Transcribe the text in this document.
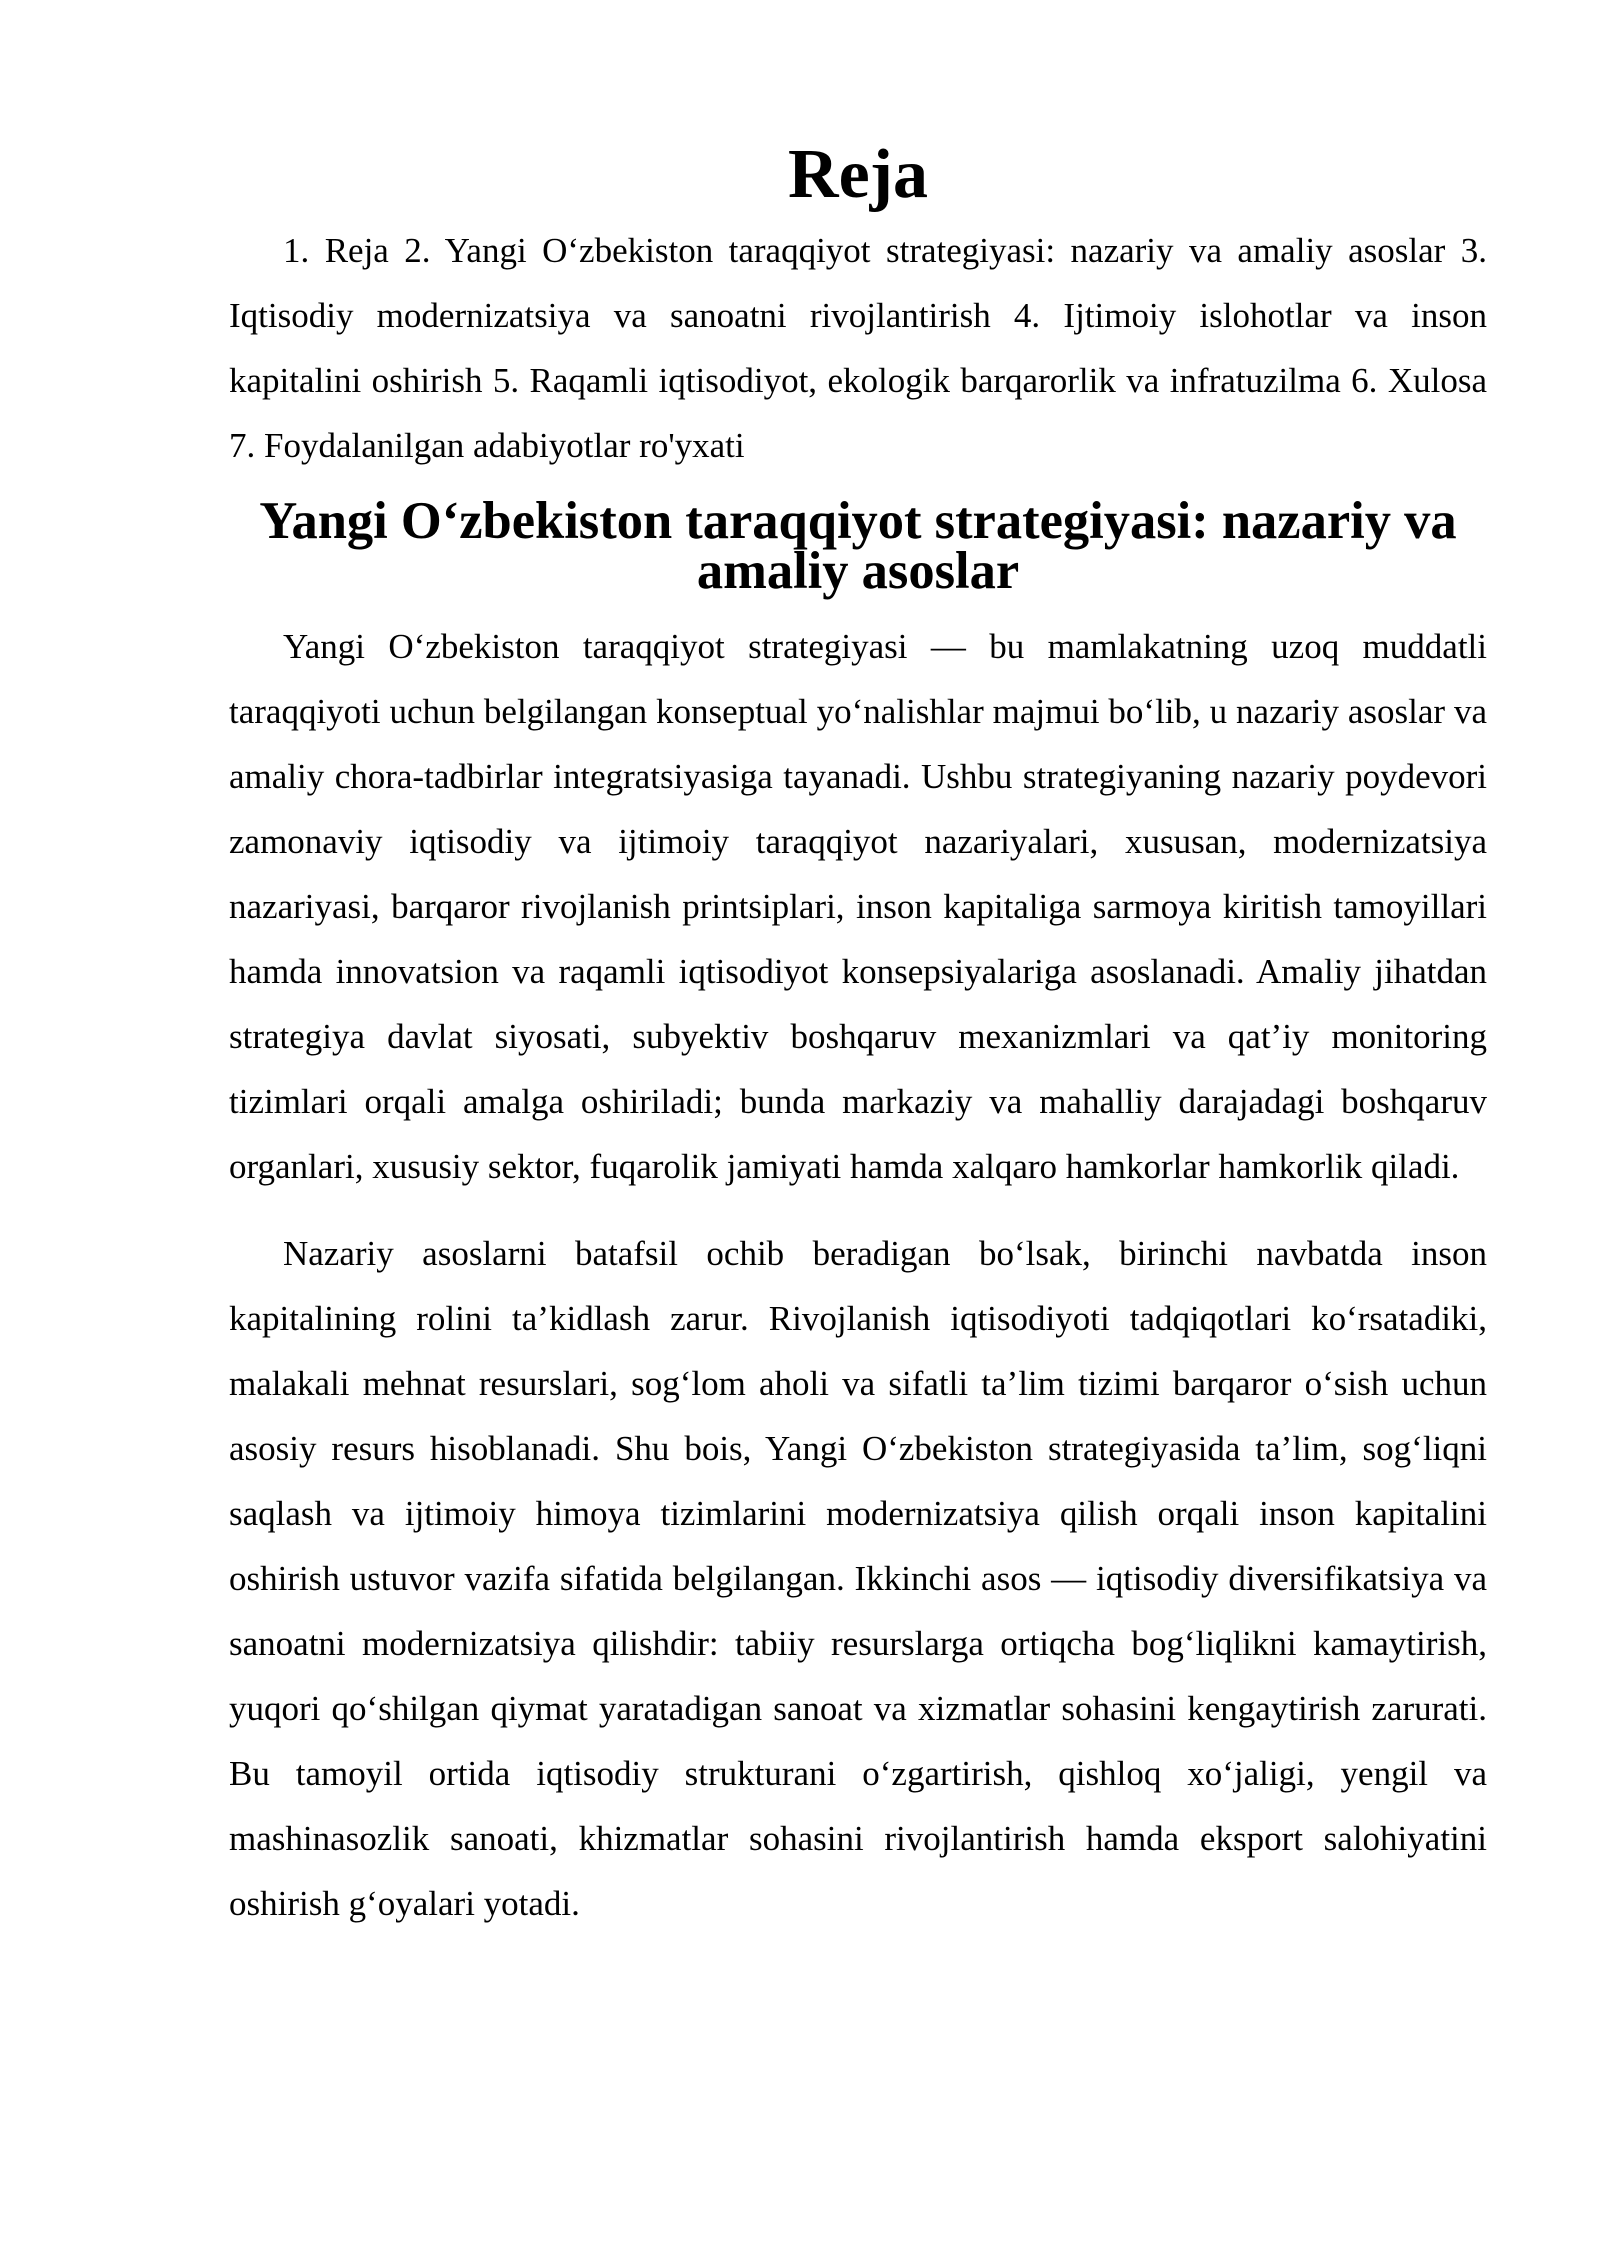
Reja

1. Reja 2. Yangi O‘zbekiston taraqqiyot strategiyasi: nazariy va amaliy asoslar 3. Iqtisodiy modernizatsiya va sanoatni rivojlantirish 4. Ijtimoiy islohotlar va inson kapitalini oshirish 5. Raqamli iqtisodiyot, ekologik barqarorlik va infratuzilma 6. Xulosa 7. Foydalanilgan adabiyotlar ro'yxati

Yangi O‘zbekiston taraqqiyot strategiyasi: nazariy va amaliy asoslar

Yangi O‘zbekiston taraqqiyot strategiyasi — bu mamlakatning uzoq muddatli taraqqiyoti uchun belgilangan konseptual yo‘nalishlar majmui bo‘lib, u nazariy asoslar va amaliy chora-tadbirlar integratsiyasiga tayanadi. Ushbu strategiyaning nazariy poydevori zamonaviy iqtisodiy va ijtimoiy taraqqiyot nazariyalari, xususan, modernizatsiya nazariyasi, barqaror rivojlanish printsiplari, inson kapitaliga sarmoya kiritish tamoyillari hamda innovatsion va raqamli iqtisodiyot konsepsiyalariga asoslanadi. Amaliy jihatdan strategiya davlat siyosati, subyektiv boshqaruv mexanizmlari va qat’iy monitoring tizimlari orqali amalga oshiriladi; bunda markaziy va mahalliy darajadagi boshqaruv organlari, xususiy sektor, fuqarolik jamiyati hamda xalqaro hamkorlar hamkorlik qiladi.

Nazariy asoslarni batafsil ochib beradigan bo‘lsak, birinchi navbatda inson kapitalining rolini ta’kidlash zarur. Rivojlanish iqtisodiyoti tadqiqotlari ko‘rsatadiki, malakali mehnat resurslari, sog‘lom aholi va sifatli ta’lim tizimi barqaror o‘sish uchun asosiy resurs hisoblanadi. Shu bois, Yangi O‘zbekiston strategiyasida ta’lim, sog‘liqni saqlash va ijtimoiy himoya tizimlarini modernizatsiya qilish orqali inson kapitalini oshirish ustuvor vazifa sifatida belgilangan. Ikkinchi asos — iqtisodiy diversifikatsiya va sanoatni modernizatsiya qilishdir: tabiiy resurslarga ortiqcha bog‘liqlikni kamaytirish, yuqori qo‘shilgan qiymat yaratadigan sanoat va xizmatlar sohasini kengaytirish zarurati. Bu tamoyil ortida iqtisodiy strukturani o‘zgartirish, qishloq xo‘jaligi, yengil va mashinasozlik sanoati, khizmatlar sohasini rivojlantirish hamda eksport salohiyatini oshirish g‘oyalari yotadi.
